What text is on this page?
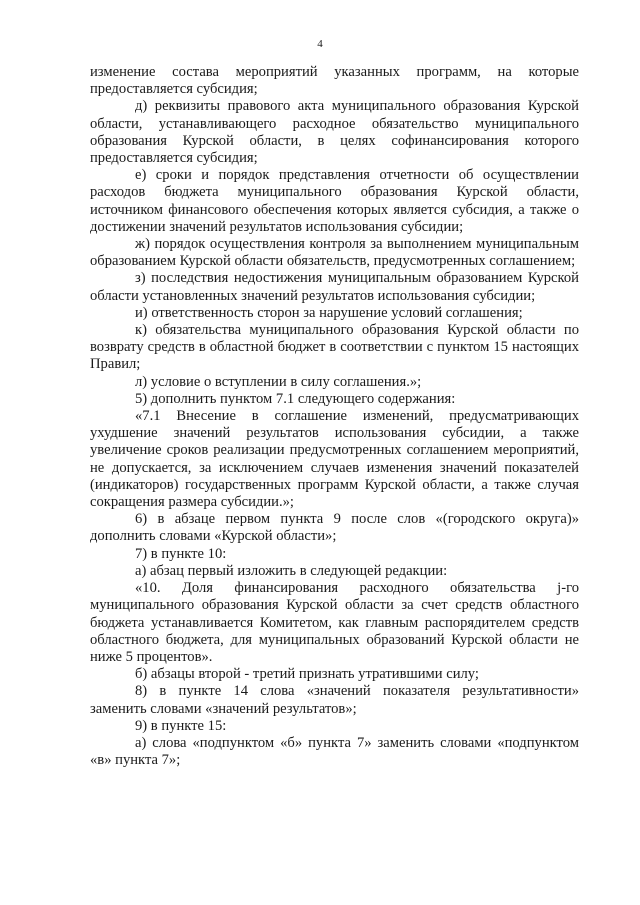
4

изменение состава мероприятий указанных программ, на которые предоставляется субсидия;

д) реквизиты правового акта муниципального образования Курской области, устанавливающего расходное обязательство муниципального образования Курской области, в целях софинансирования которого предоставляется субсидия;

е) сроки и порядок представления отчетности об осуществлении расходов бюджета муниципального образования Курской области, источником финансового обеспечения которых является субсидия, а также о достижении значений результатов использования субсидии;

ж) порядок осуществления контроля за выполнением муниципальным образованием Курской области обязательств, предусмотренных соглашением;

з) последствия недостижения муниципальным образованием Курской области установленных значений результатов использования субсидии;

и) ответственность сторон за нарушение условий соглашения;

к) обязательства муниципального образования Курской области по возврату средств в областной бюджет в соответствии с пунктом 15 настоящих Правил;

л) условие о вступлении в силу соглашения.»;

5) дополнить пунктом 7.1 следующего содержания:

«7.1 Внесение в соглашение изменений, предусматривающих ухудшение значений результатов использования субсидии, а также увеличение сроков реализации предусмотренных соглашением мероприятий, не допускается, за исключением случаев изменения значений показателей (индикаторов) государственных программ Курской области, а также случая сокращения размера субсидии.»;

6) в абзаце первом пункта 9 после слов «(городского округа)» дополнить словами «Курской области»;

7) в пункте 10:

а) абзац первый изложить в следующей редакции:

«10. Доля финансирования расходного обязательства j-го муниципального образования Курской области за счет средств областного бюджета устанавливается Комитетом, как главным распорядителем средств областного бюджета, для муниципальных образований Курской области не ниже 5 процентов».

б) абзацы второй - третий признать утратившими силу;

8) в пункте 14 слова «значений показателя результативности» заменить словами «значений результатов»;

9) в пункте 15:

а) слова «подпунктом «б» пункта 7» заменить словами «подпунктом «в» пункта 7»;
